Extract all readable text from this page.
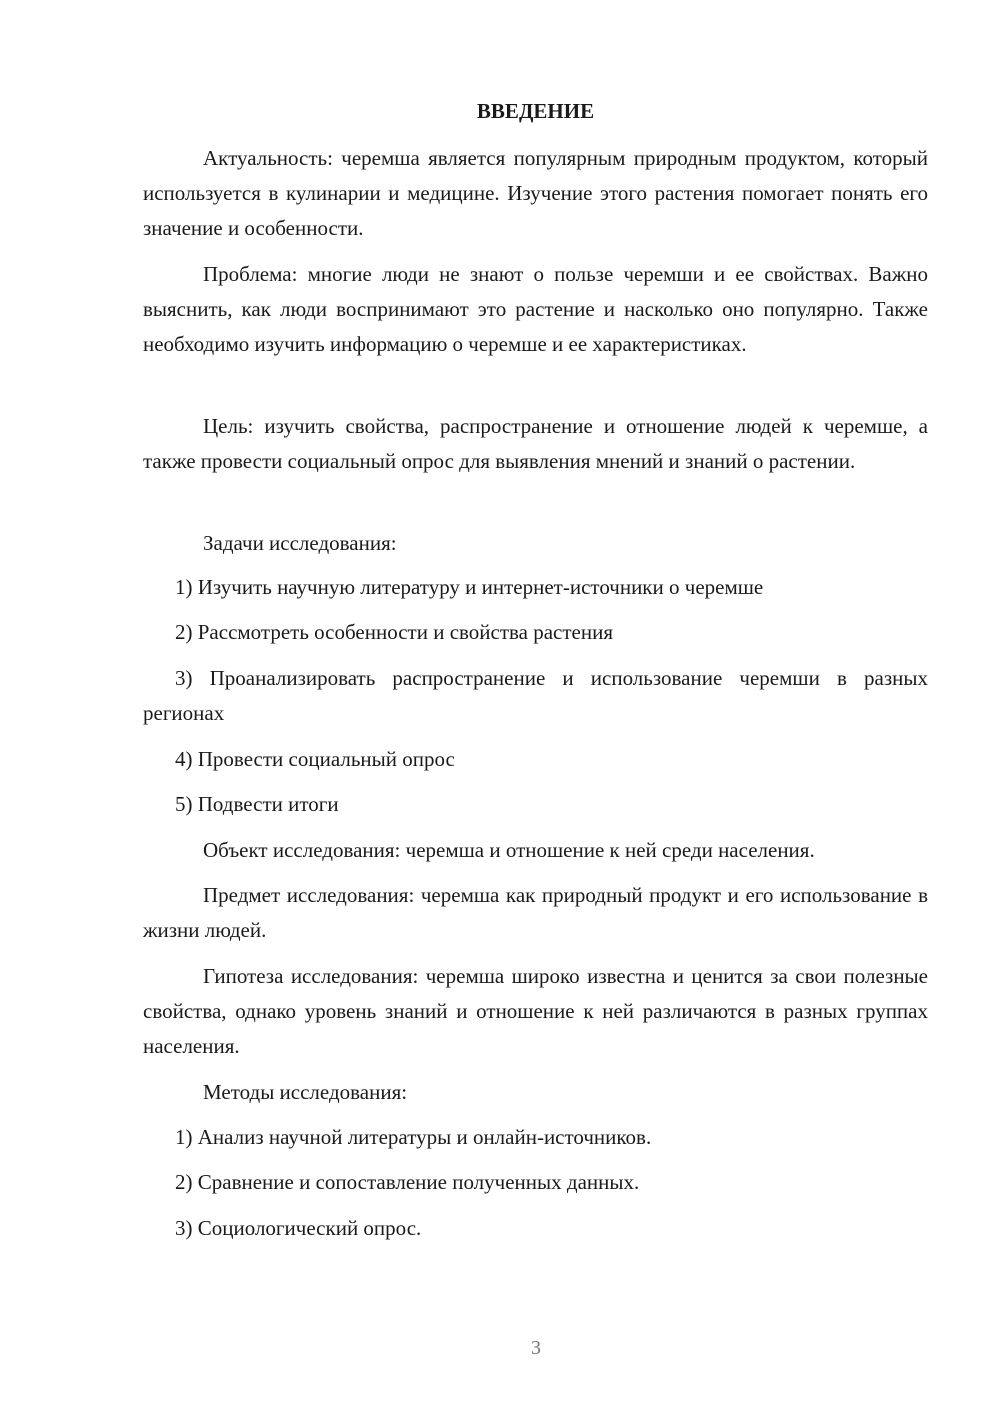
ВВЕДЕНИЕ

Актуальность: черемша является популярным природным продуктом, который используется в кулинарии и медицине. Изучение этого растения помогает понять его значение и особенности.

Проблема: многие люди не знают о пользе черемши и ее свойствах. Важно выяснить, как люди воспринимают это растение и насколько оно популярно. Также необходимо изучить информацию о черемше и ее характеристиках.

Цель: изучить свойства, распространение и отношение людей к черемше, а также провести социальный опрос для выявления мнений и знаний о растении.

Задачи исследования:

1) Изучить научную литературу и интернет-источники о черемше

2) Рассмотреть особенности и свойства растения

3) Проанализировать распространение и использование черемши в разных регионах

4) Провести социальный опрос

5) Подвести итоги

Объект исследования: черемша и отношение к ней среди населения.

Предмет исследования: черемша как природный продукт и его использование в жизни людей.

Гипотеза исследования: черемша широко известна и ценится за свои полезные свойства, однако уровень знаний и отношение к ней различаются в разных группах населения.

Методы исследования:

1) Анализ научной литературы и онлайн-источников.

2) Сравнение и сопоставление полученных данных.

3) Социологический опрос.

3
